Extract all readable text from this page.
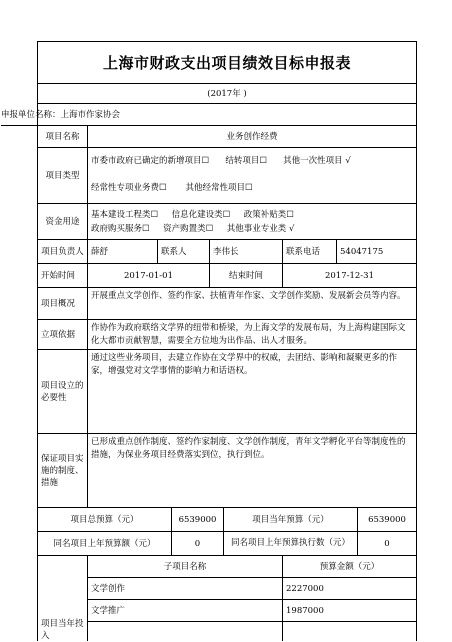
上海市财政支出项目绩效目标申报表
(2017年 )
申报单位名称：上海市作家协会
项目名称	业务创作经费
项目类型
市委市政府已确定的新增项目☐      结转项目☐      其他一次性项目 √
经常性专项业务费☐       其他经常性项目☐
资金用途
基本建设工程类☐     信息化建设类☐     政策补贴类☐
政府购买服务☐     资产购置类☐     其他事业专业类 √
项目负责人 薛舒	联系人	李伟长	联系电话	54047175
开始时间	2017-01-01	结束时间	2017-12-31
项目概况
开展重点文学创作、签约作家、扶植青年作家、文学创作奖励、发展新会员等内容。
立项依据
作协作为政府联络文学界的纽带和桥梁，为上海文学的发展布局，为上海构建国际文化大都市贡献智慧，需要全方位地为出作品、出人才服务。
项目设立的必要性
通过这些业务项目，去建立作协在文学界中的权威，去团结、影响和凝聚更多的作家，增强党对文学事情的影响力和话语权。
保证项目实施的制度、措施
已形成重点创作制度、签约作家制度、文学创作制度，青年文学孵化平台等制度性的措施，为保业务项目经费落实到位，执行到位。
项目总预算（元）	6539000	项目当年预算（元）	6539000
同名项目上年预算额（元）	0	同名项目上年预算执行数（元）	0
项目当年投入
子项目名称	预算金额（元）
文学创作	2227000
文学推广	1987000
